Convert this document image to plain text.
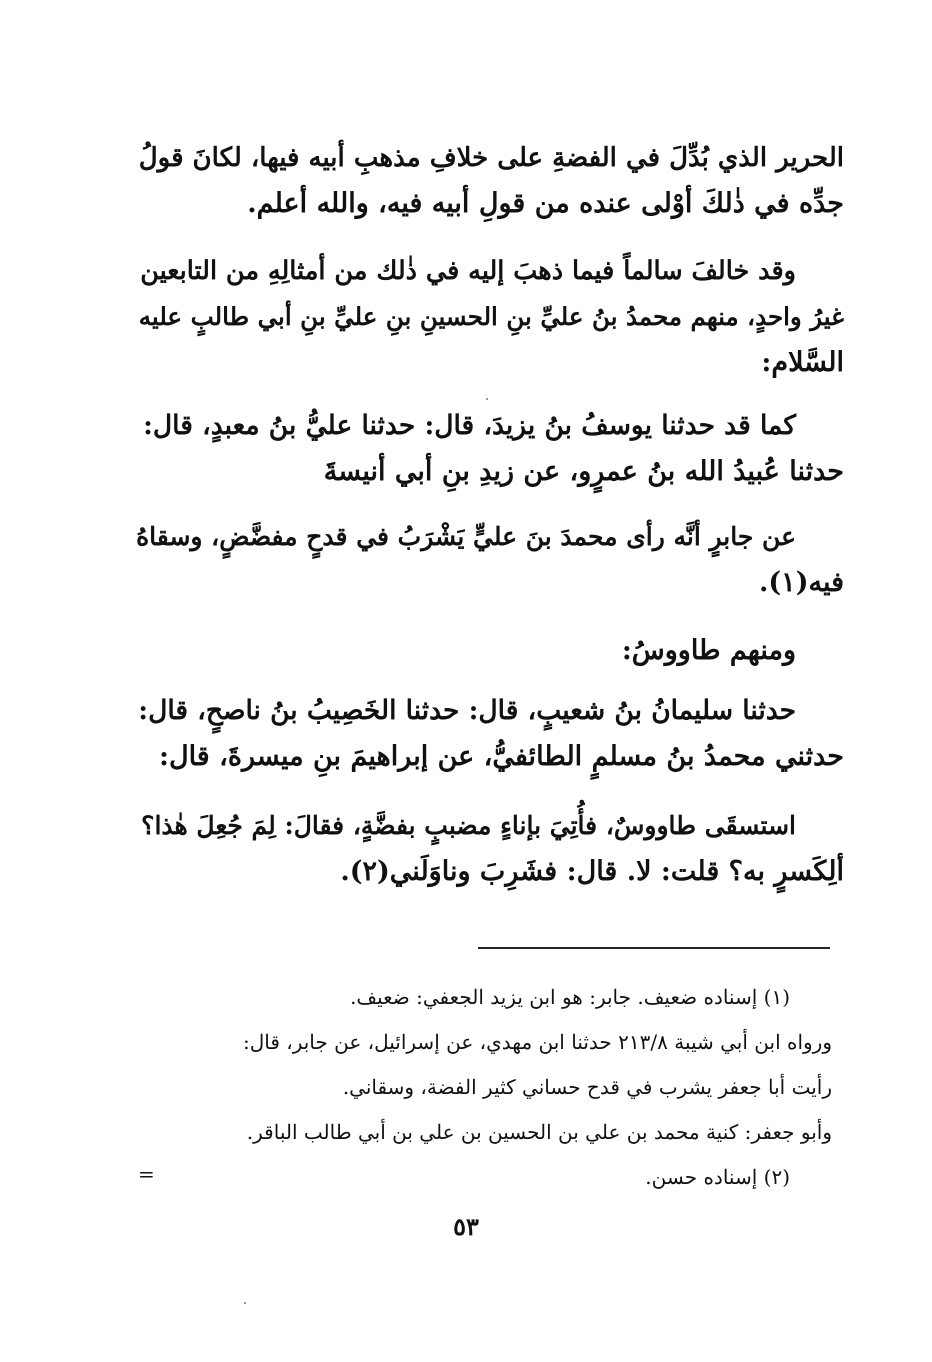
الحرير الذي بُدِّلَ في الفضةِ على خلافِ مذهبِ أبيه فيها، لكانَ قولُ
جدِّه في ذٰلكَ أوْلى عنده من قولِ أبيه فيه، والله أعلم.
وقد خالفَ سالماً فيما ذهبَ إليه في ذٰلك من أمثالِهِ من التابعين
غيرُ واحدٍ، منهم محمدُ بنُ عليِّ بنِ الحسينِ بنِ عليِّ بنِ أبي طالبٍ عليه
السَّلام:
كما قد حدثنا يوسفُ بنُ يزيدَ، قال: حدثنا عليُّ بنُ معبدٍ، قال:
حدثنا عُبيدُ الله بنُ عمرٍو، عن زيدِ بنِ أبي أنيسةَ
عن جابرٍ أنَّه رأى محمدَ بنَ عليٍّ يَشْرَبُ في قدحٍ مفضَّضٍ، وسقاهُ
فيه(١).
ومنهم طاووسُ:
حدثنا سليمانُ بنُ شعيبٍ، قال: حدثنا الخَصِيبُ بنُ ناصحٍ، قال:
حدثني محمدُ بنُ مسلمٍ الطائفيُّ، عن إبراهيمَ بنِ ميسرةَ، قال:
استسقَى طاووسٌ، فأُتِيَ بإناءٍ مضببٍ بفضَّةٍ، فقالَ: لِمَ جُعِلَ هٰذا؟
ألِكَسرٍ به؟ قلت: لا. قال: فشَرِبَ وناوَلَني(٢).
(١) إسناده ضعيف. جابر: هو ابن يزيد الجعفي: ضعيف.
ورواه ابن أبي شيبة ٢١٣/٨ حدثنا ابن مهدي، عن إسرائيل، عن جابر، قال:
رأيت أبا جعفر يشرب في قدح حساني كثير الفضة، وسقاني.
وأبو جعفر: كنية محمد بن علي بن الحسين بن علي بن أبي طالب الباقر.
(٢) إسناده حسن.
=
٥٣
